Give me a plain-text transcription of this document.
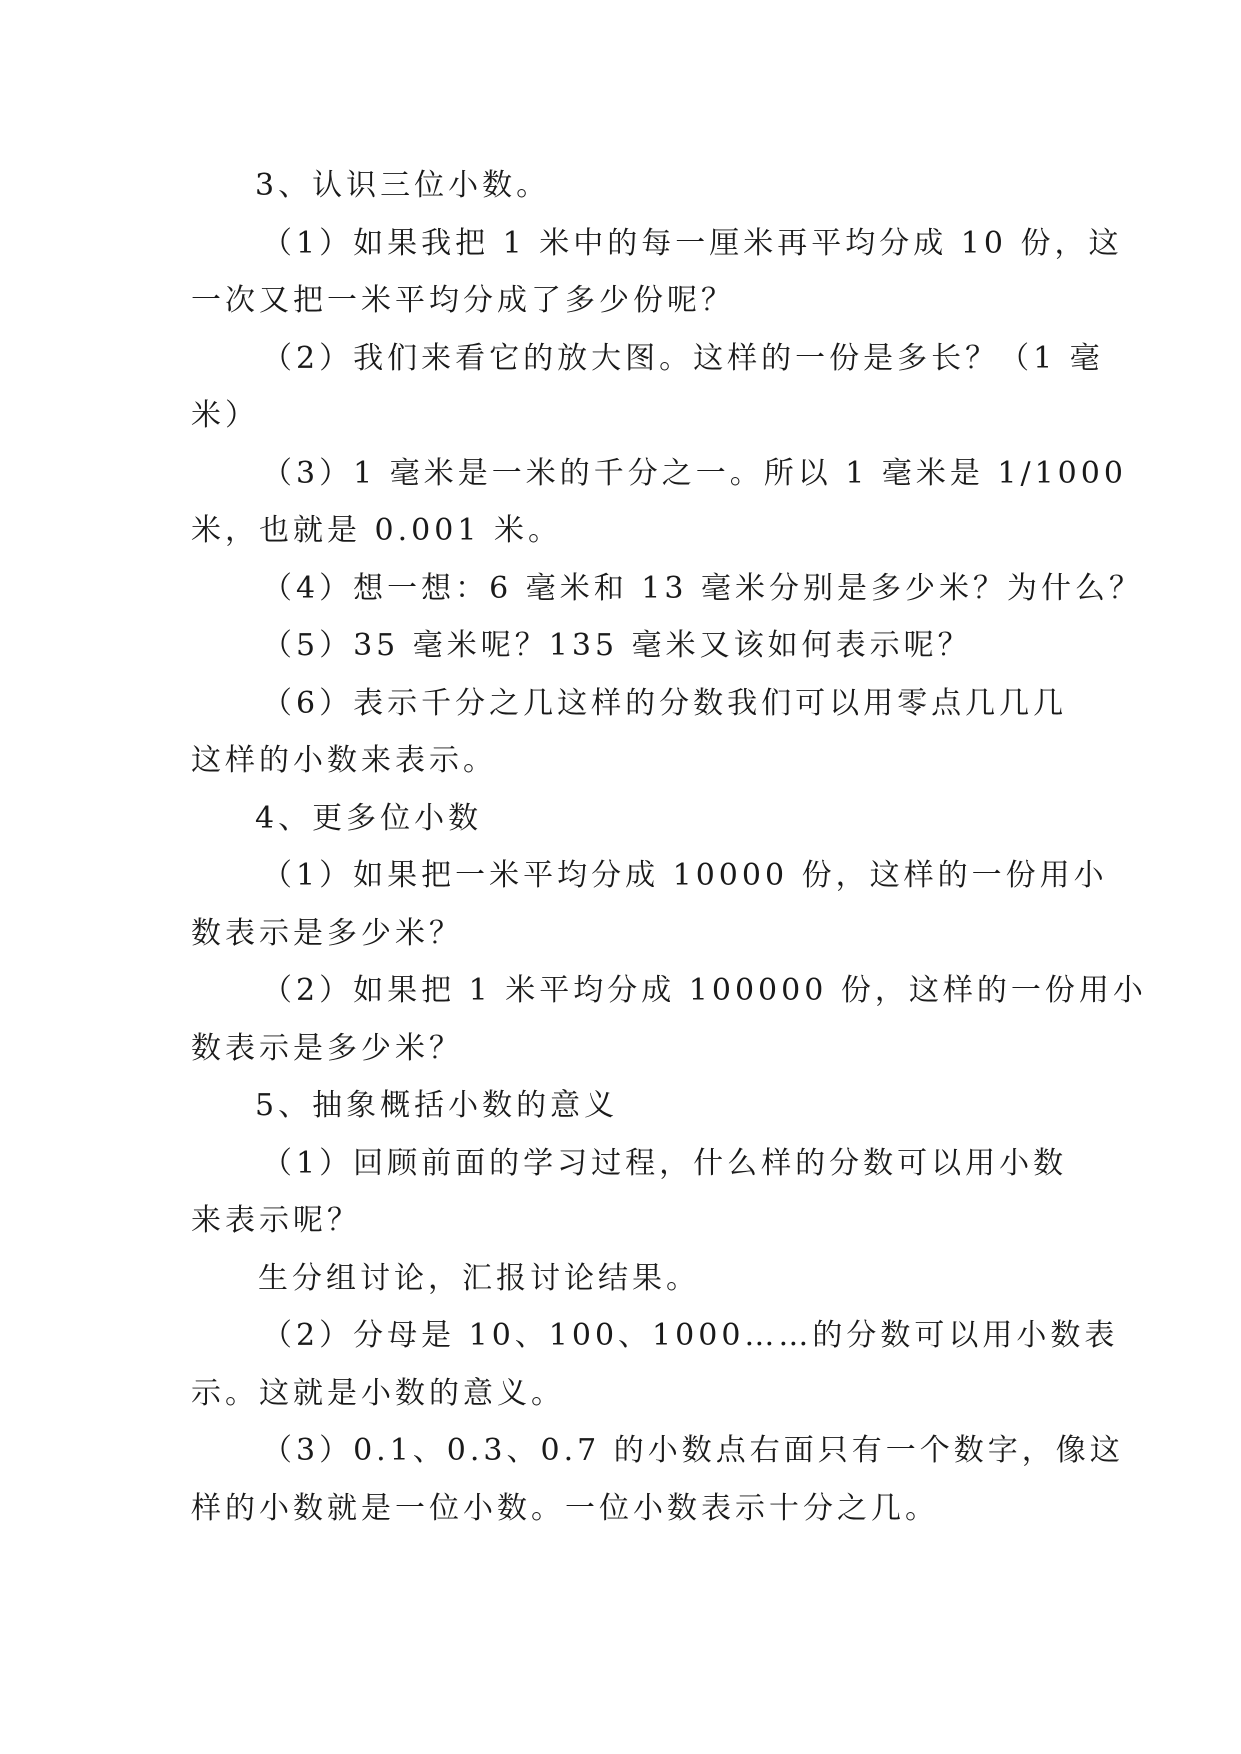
3、认识三位小数。
（1）如果我把 1 米中的每一厘米再平均分成 10 份，这
一次又把一米平均分成了多少份呢？
（2）我们来看它的放大图。这样的一份是多长？（1 毫
米）
（3）1 毫米是一米的千分之一。所以 1 毫米是 1/1000
米，也就是 0.001 米。
（4）想一想：6 毫米和 13 毫米分别是多少米？为什么？
（5）35 毫米呢？135 毫米又该如何表示呢？
（6）表示千分之几这样的分数我们可以用零点几几几
这样的小数来表示。
4、更多位小数
（1）如果把一米平均分成 10000 份，这样的一份用小
数表示是多少米？
（2）如果把 1 米平均分成 100000 份，这样的一份用小
数表示是多少米？
5、抽象概括小数的意义
（1）回顾前面的学习过程，什么样的分数可以用小数
来表示呢？
生分组讨论，汇报讨论结果。
（2）分母是 10、100、1000……的分数可以用小数表
示。这就是小数的意义。
（3）0.1、0.3、0.7 的小数点右面只有一个数字，像这
样的小数就是一位小数。一位小数表示十分之几。
